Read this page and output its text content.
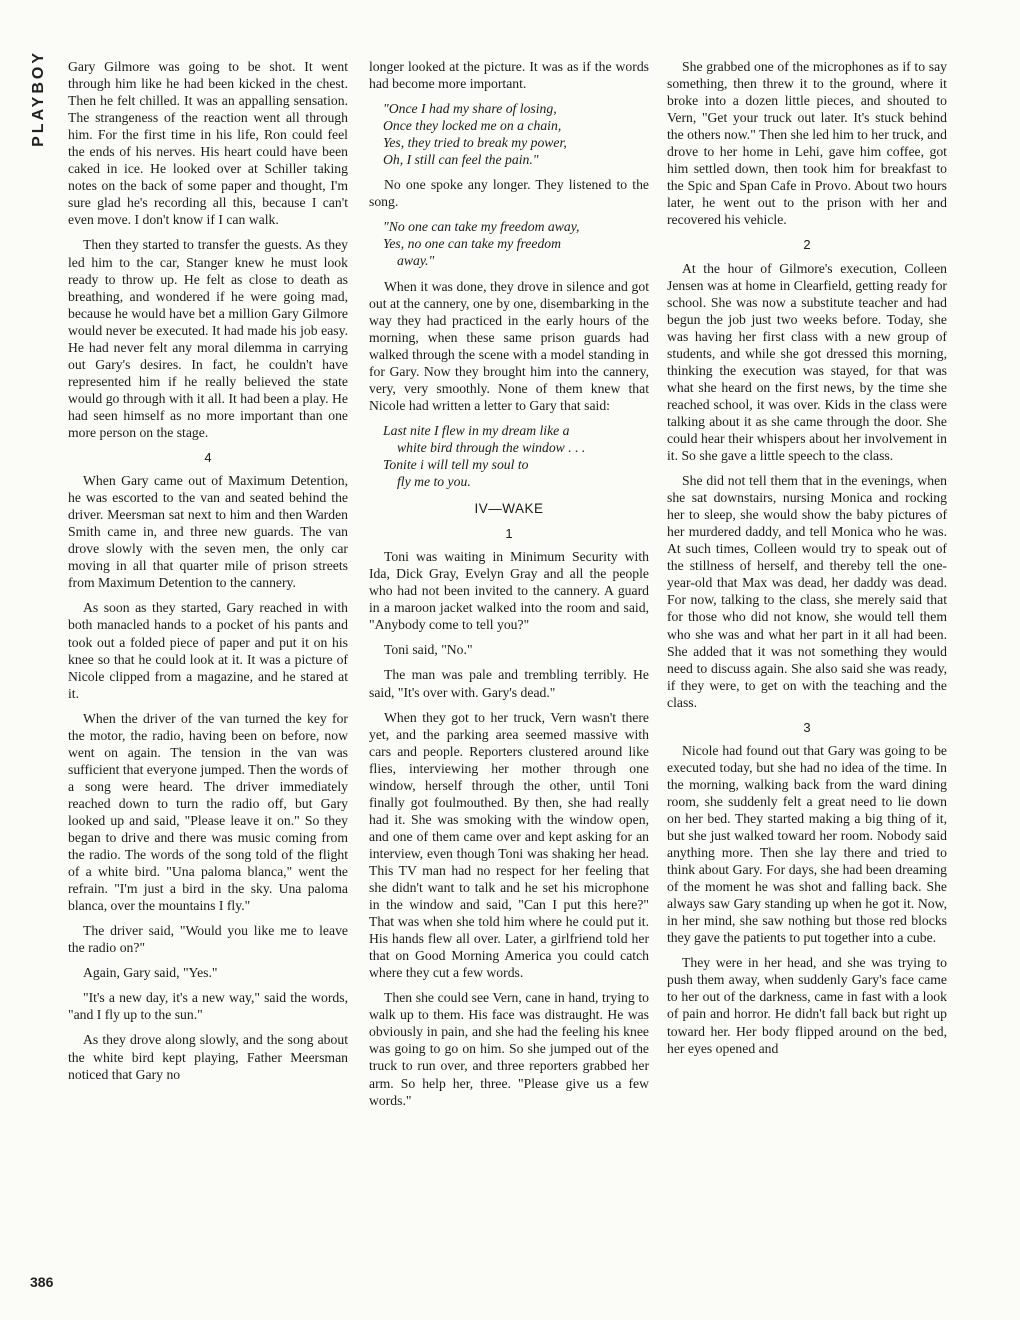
PLAYBOY
386

Gary Gilmore was going to be shot. It went through him like he had been kicked in the chest. Then he felt chilled. It was an appalling sensation. The strangeness of the reaction went all through him. For the first time in his life, Ron could feel the ends of his nerves. His heart could have been caked in ice. He looked over at Schiller taking notes on the back of some paper and thought, I'm sure glad he's recording all this, because I can't even move. I don't know if I can walk.

Then they started to transfer the guests. As they led him to the car, Stanger knew he must look ready to throw up. He felt as close to death as breathing, and wondered if he were going mad, because he would have bet a million Gary Gilmore would never be executed. It had made his job easy. He had never felt any moral dilemma in carrying out Gary's desires. In fact, he couldn't have represented him if he really believed the state would go through with it all. It had been a play. He had seen himself as no more important than one more person on the stage.

4

When Gary came out of Maximum Detention, he was escorted to the van and seated behind the driver. Meersman sat next to him and then Warden Smith came in, and three new guards. The van drove slowly with the seven men, the only car moving in all that quarter mile of prison streets from Maximum Detention to the cannery.

As soon as they started, Gary reached in with both manacled hands to a pocket of his pants and took out a folded piece of paper and put it on his knee so that he could look at it. It was a picture of Nicole clipped from a magazine, and he stared at it.

When the driver of the van turned the key for the motor, the radio, having been on before, now went on again. The tension in the van was sufficient that everyone jumped. Then the words of a song were heard. The driver immediately reached down to turn the radio off, but Gary looked up and said, "Please leave it on." So they began to drive and there was music coming from the radio. The words of the song told of the flight of a white bird. "Una paloma blanca," went the refrain. "I'm just a bird in the sky. Una paloma blanca, over the mountains I fly."

The driver said, "Would you like me to leave the radio on?"

Again, Gary said, "Yes."

"It's a new day, it's a new way," said the words, "and I fly up to the sun."

As they drove along slowly, and the song about the white bird kept playing, Father Meersman noticed that Gary no

longer looked at the picture. It was as if the words had become more important.

"Once I had my share of losing,
Once they locked me on a chain,
Yes, they tried to break my power,
Oh, I still can feel the pain."

No one spoke any longer. They listened to the song.

"No one can take my freedom away,
Yes, no one can take my freedom
away."

When it was done, they drove in silence and got out at the cannery, one by one, disembarking in the way they had practiced in the early hours of the morning, when these same prison guards had walked through the scene with a model standing in for Gary. Now they brought him into the cannery, very, very smoothly. None of them knew that Nicole had written a letter to Gary that said:

Last nite I flew in my dream like a
white bird through the window . . .
Tonite i will tell my soul to
fly me to you.
IV—WAKE
1

Toni was waiting in Minimum Security with Ida, Dick Gray, Evelyn Gray and all the people who had not been invited to the cannery. A guard in a maroon jacket walked into the room and said, "Anybody come to tell you?"

Toni said, "No."

The man was pale and trembling terribly. He said, "It's over with. Gary's dead."

When they got to her truck, Vern wasn't there yet, and the parking area seemed massive with cars and people. Reporters clustered around like flies, interviewing her mother through one window, herself through the other, until Toni finally got foulmouthed. By then, she had really had it. She was smoking with the window open, and one of them came over and kept asking for an interview, even though Toni was shaking her head. This TV man had no respect for her feeling that she didn't want to talk and he set his microphone in the window and said, "Can I put this here?" That was when she told him where he could put it. His hands flew all over. Later, a girlfriend told her that on Good Morning America you could catch where they cut a few words.

Then she could see Vern, cane in hand, trying to walk up to them. His face was distraught. He was obviously in pain, and she had the feeling his knee was going to go on him. So she jumped out of the truck to run over, and three reporters grabbed her arm. So help her, three. "Please give us a few words."

She grabbed one of the microphones as if to say something, then threw it to the ground, where it broke into a dozen little pieces, and shouted to Vern, "Get your truck out later. It's stuck behind the others now." Then she led him to her truck, and drove to her home in Lehi, gave him coffee, got him settled down, then took him for breakfast to the Spic and Span Cafe in Provo. About two hours later, he went out to the prison with her and recovered his vehicle.

2

At the hour of Gilmore's execution, Colleen Jensen was at home in Clearfield, getting ready for school. She was now a substitute teacher and had begun the job just two weeks before. Today, she was having her first class with a new group of students, and while she got dressed this morning, thinking the execution was stayed, for that was what she heard on the first news, by the time she reached school, it was over. Kids in the class were talking about it as she came through the door. She could hear their whispers about her involvement in it. So she gave a little speech to the class.

She did not tell them that in the evenings, when she sat downstairs, nursing Monica and rocking her to sleep, she would show the baby pictures of her murdered daddy, and tell Monica who he was. At such times, Colleen would try to speak out of the stillness of herself, and thereby tell the one-year-old that Max was dead, her daddy was dead. For now, talking to the class, she merely said that for those who did not know, she would tell them who she was and what her part in it all had been. She added that it was not something they would need to discuss again. She also said she was ready, if they were, to get on with the teaching and the class.

3

Nicole had found out that Gary was going to be executed today, but she had no idea of the time. In the morning, walking back from the ward dining room, she suddenly felt a great need to lie down on her bed. They started making a big thing of it, but she just walked toward her room. Nobody said anything more. Then she lay there and tried to think about Gary. For days, she had been dreaming of the moment he was shot and falling back. She always saw Gary standing up when he got it. Now, in her mind, she saw nothing but those red blocks they gave the patients to put together into a cube.

They were in her head, and she was trying to push them away, when suddenly Gary's face came to her out of the darkness, came in fast with a look of pain and horror. He didn't fall back but right up toward her. Her body flipped around on the bed, her eyes opened and
